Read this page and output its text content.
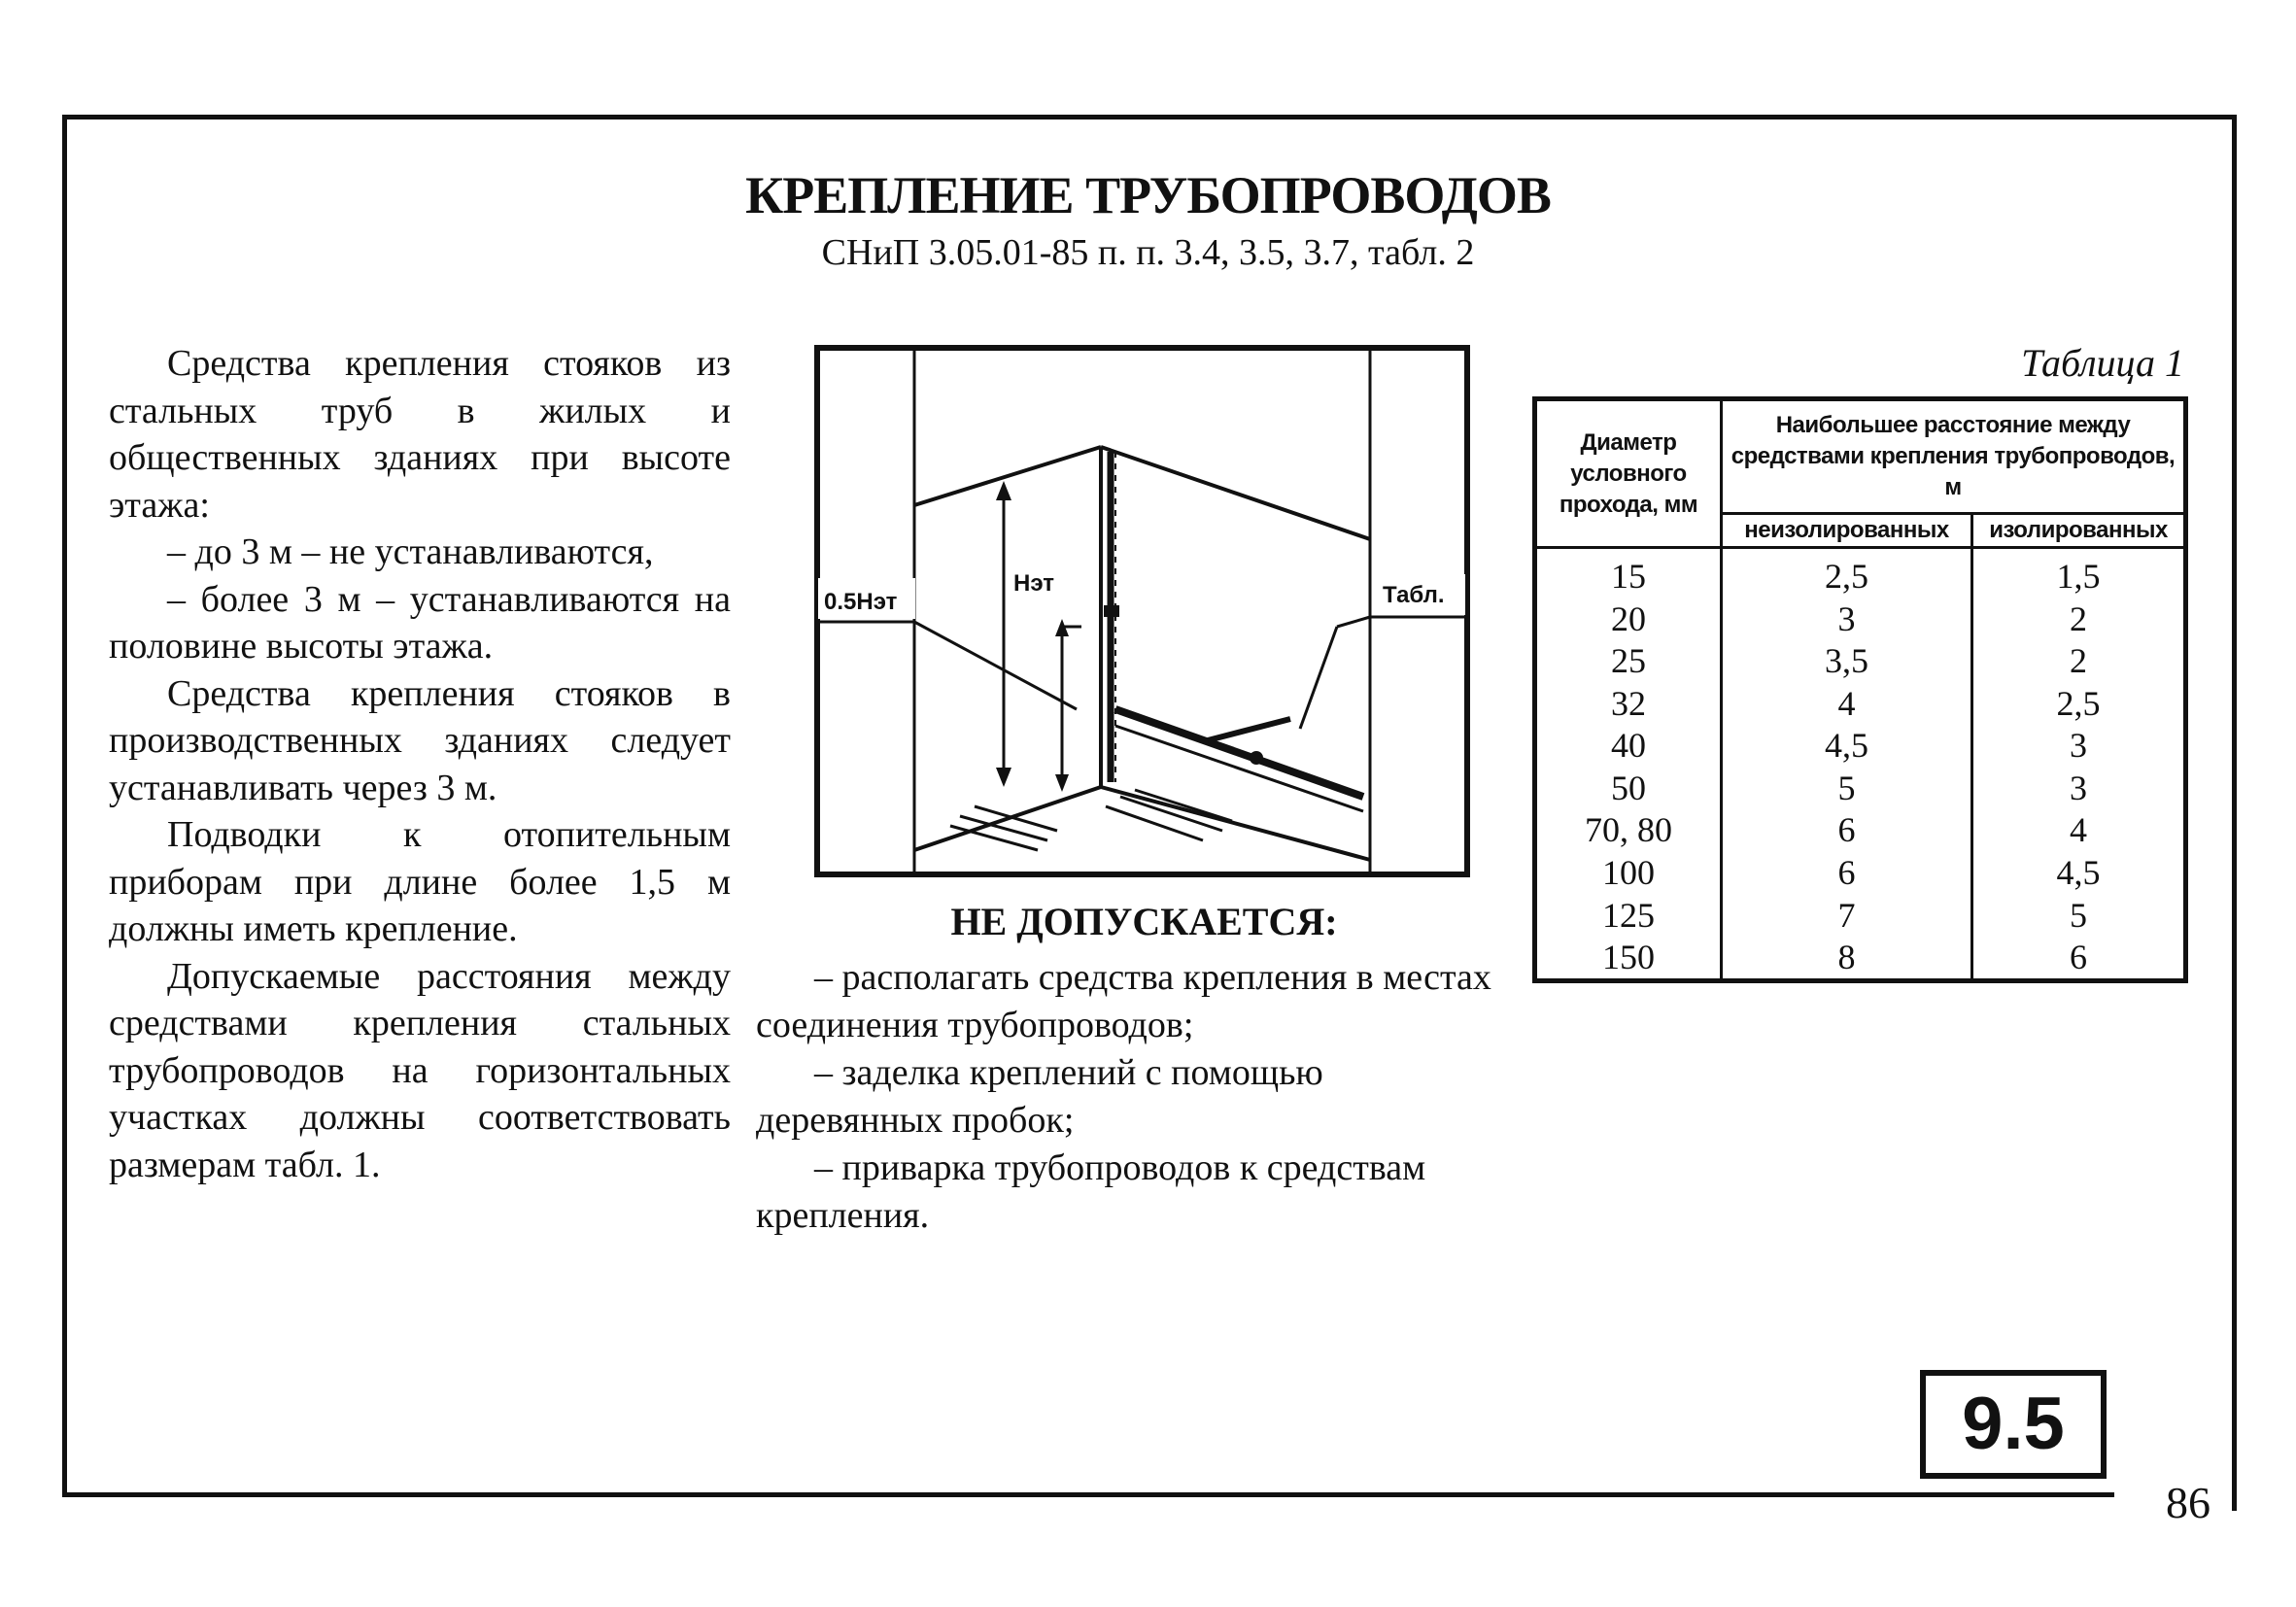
КРЕПЛЕНИЕ ТРУБОПРОВОДОВ
СНиП 3.05.01-85 п. п. 3.4, 3.5, 3.7, табл. 2

Средства крепления стояков из стальных труб в жилых и общественных зданиях при высоте этажа:

– до 3 м – не устанавливаются,

– более 3 м – устанавливаются на половине высоты этажа.

Средства крепления стояков в производственных зданиях следует устанавливать через 3 м.

Подводки к отопительным приборам при длине более 1,5 м должны иметь крепление.

Допускаемые расстояния между средствами крепления стальных трубопроводов на горизонтальных участках должны соответствовать размерам табл. 1.

0.5Нэт
Нэт	Табл.
НЕ ДОПУСКАЕТСЯ:

– располагать средства крепления в местах соединения трубопроводов;

– заделка креплений с помощью деревянных пробок;

– приварка трубопроводов к средствам крепления.

Таблица 1
Диаметр условного прохода, мм	Наибольшее расстояние между средствами крепления трубопроводов, м	
	неизолированных	изолированных
15	2,5	1,5
20	3	2
25	3,5	2
32	4	2,5
40	4,5	3
50	5	3
70, 80	6	4
100	6	4,5
125	7	5
150	8	6
9.5
86
